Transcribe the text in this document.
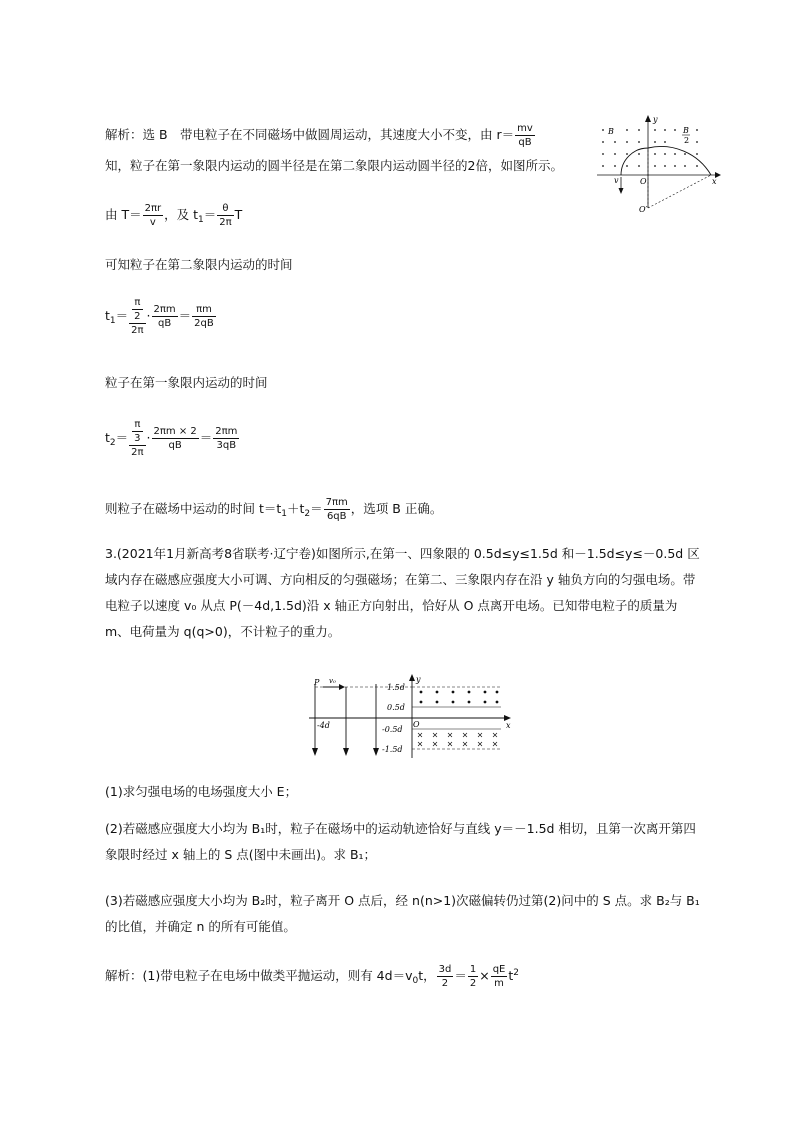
解析：选 B　带电粒子在不同磁场中做圆周运动，其速度大小不变，由 $r= \frac{mv}{qB}$
知，粒子在第一象限内运动的圆半径是在第二象限内运动圆半径的2倍，如图所示。
由 $T= \frac{2\pi r}{v}$ ，及 $t_1= \frac{\theta}{2\pi}$ T
可知粒子在第二象限内运动的时间
$t_1= \frac{\frac{\pi}{2}}{2\pi} \cdot \frac{2\pi m}{qB} = \frac{\pi m}{2qB}$
粒子在第一象限内运动的时间
$t_2= \frac{\frac{\pi}{3}}{2\pi} \cdot \frac{2\pi m \times 2}{qB} = \frac{2\pi m}{3qB}$
则粒子在磁场中运动的时间 $t=t_1+t_2= \frac{7\pi m}{6qB}$ ，选项 B 正确。
y
x
O
O′
B	B
2
v
3.(2021年1月新高考8省联考·辽宁卷)如图所示,在第一、四象限的 0.5d≤y≤1.5d 和－1.5d≤y≤－0.5d 区域内存在磁感应强度大小可调、方向相反的匀强磁场；在第二、三象限内存在沿 y 轴负方向的匀强电场。带电粒子以速度 v₀ 从点 P(－4d,1.5d)沿 x 轴正方向射出，恰好从 O 点离开电场。已知带电粒子的质量为 m、电荷量为 q(q>0)，不计粒子的重力。
P v₀	y
x
O
-4d
1.5d
0.5d
-0.5d
-1.5d
(1)求匀强电场的电场强度大小 E；
(2)若磁感应强度大小均为 B₁时，粒子在磁场中的运动轨迹恰好与直线 y＝－1.5d 相切，且第一次离开第四象限时经过 x 轴上的 S 点(图中未画出)。求 B₁；
(3)若磁感应强度大小均为 B₂时，粒子离开 O 点后，经 n(n>1)次磁偏转仍过第(2)问中的 S 点。求 B₂与 B₁的比值，并确定 n 的所有可能值。
解析：(1)带电粒子在电场中做类平抛运动，则有 $4d=v_0t$， $\frac{3d}{2} = \frac{1}{2} \times \frac{qE}{m} t^2$
